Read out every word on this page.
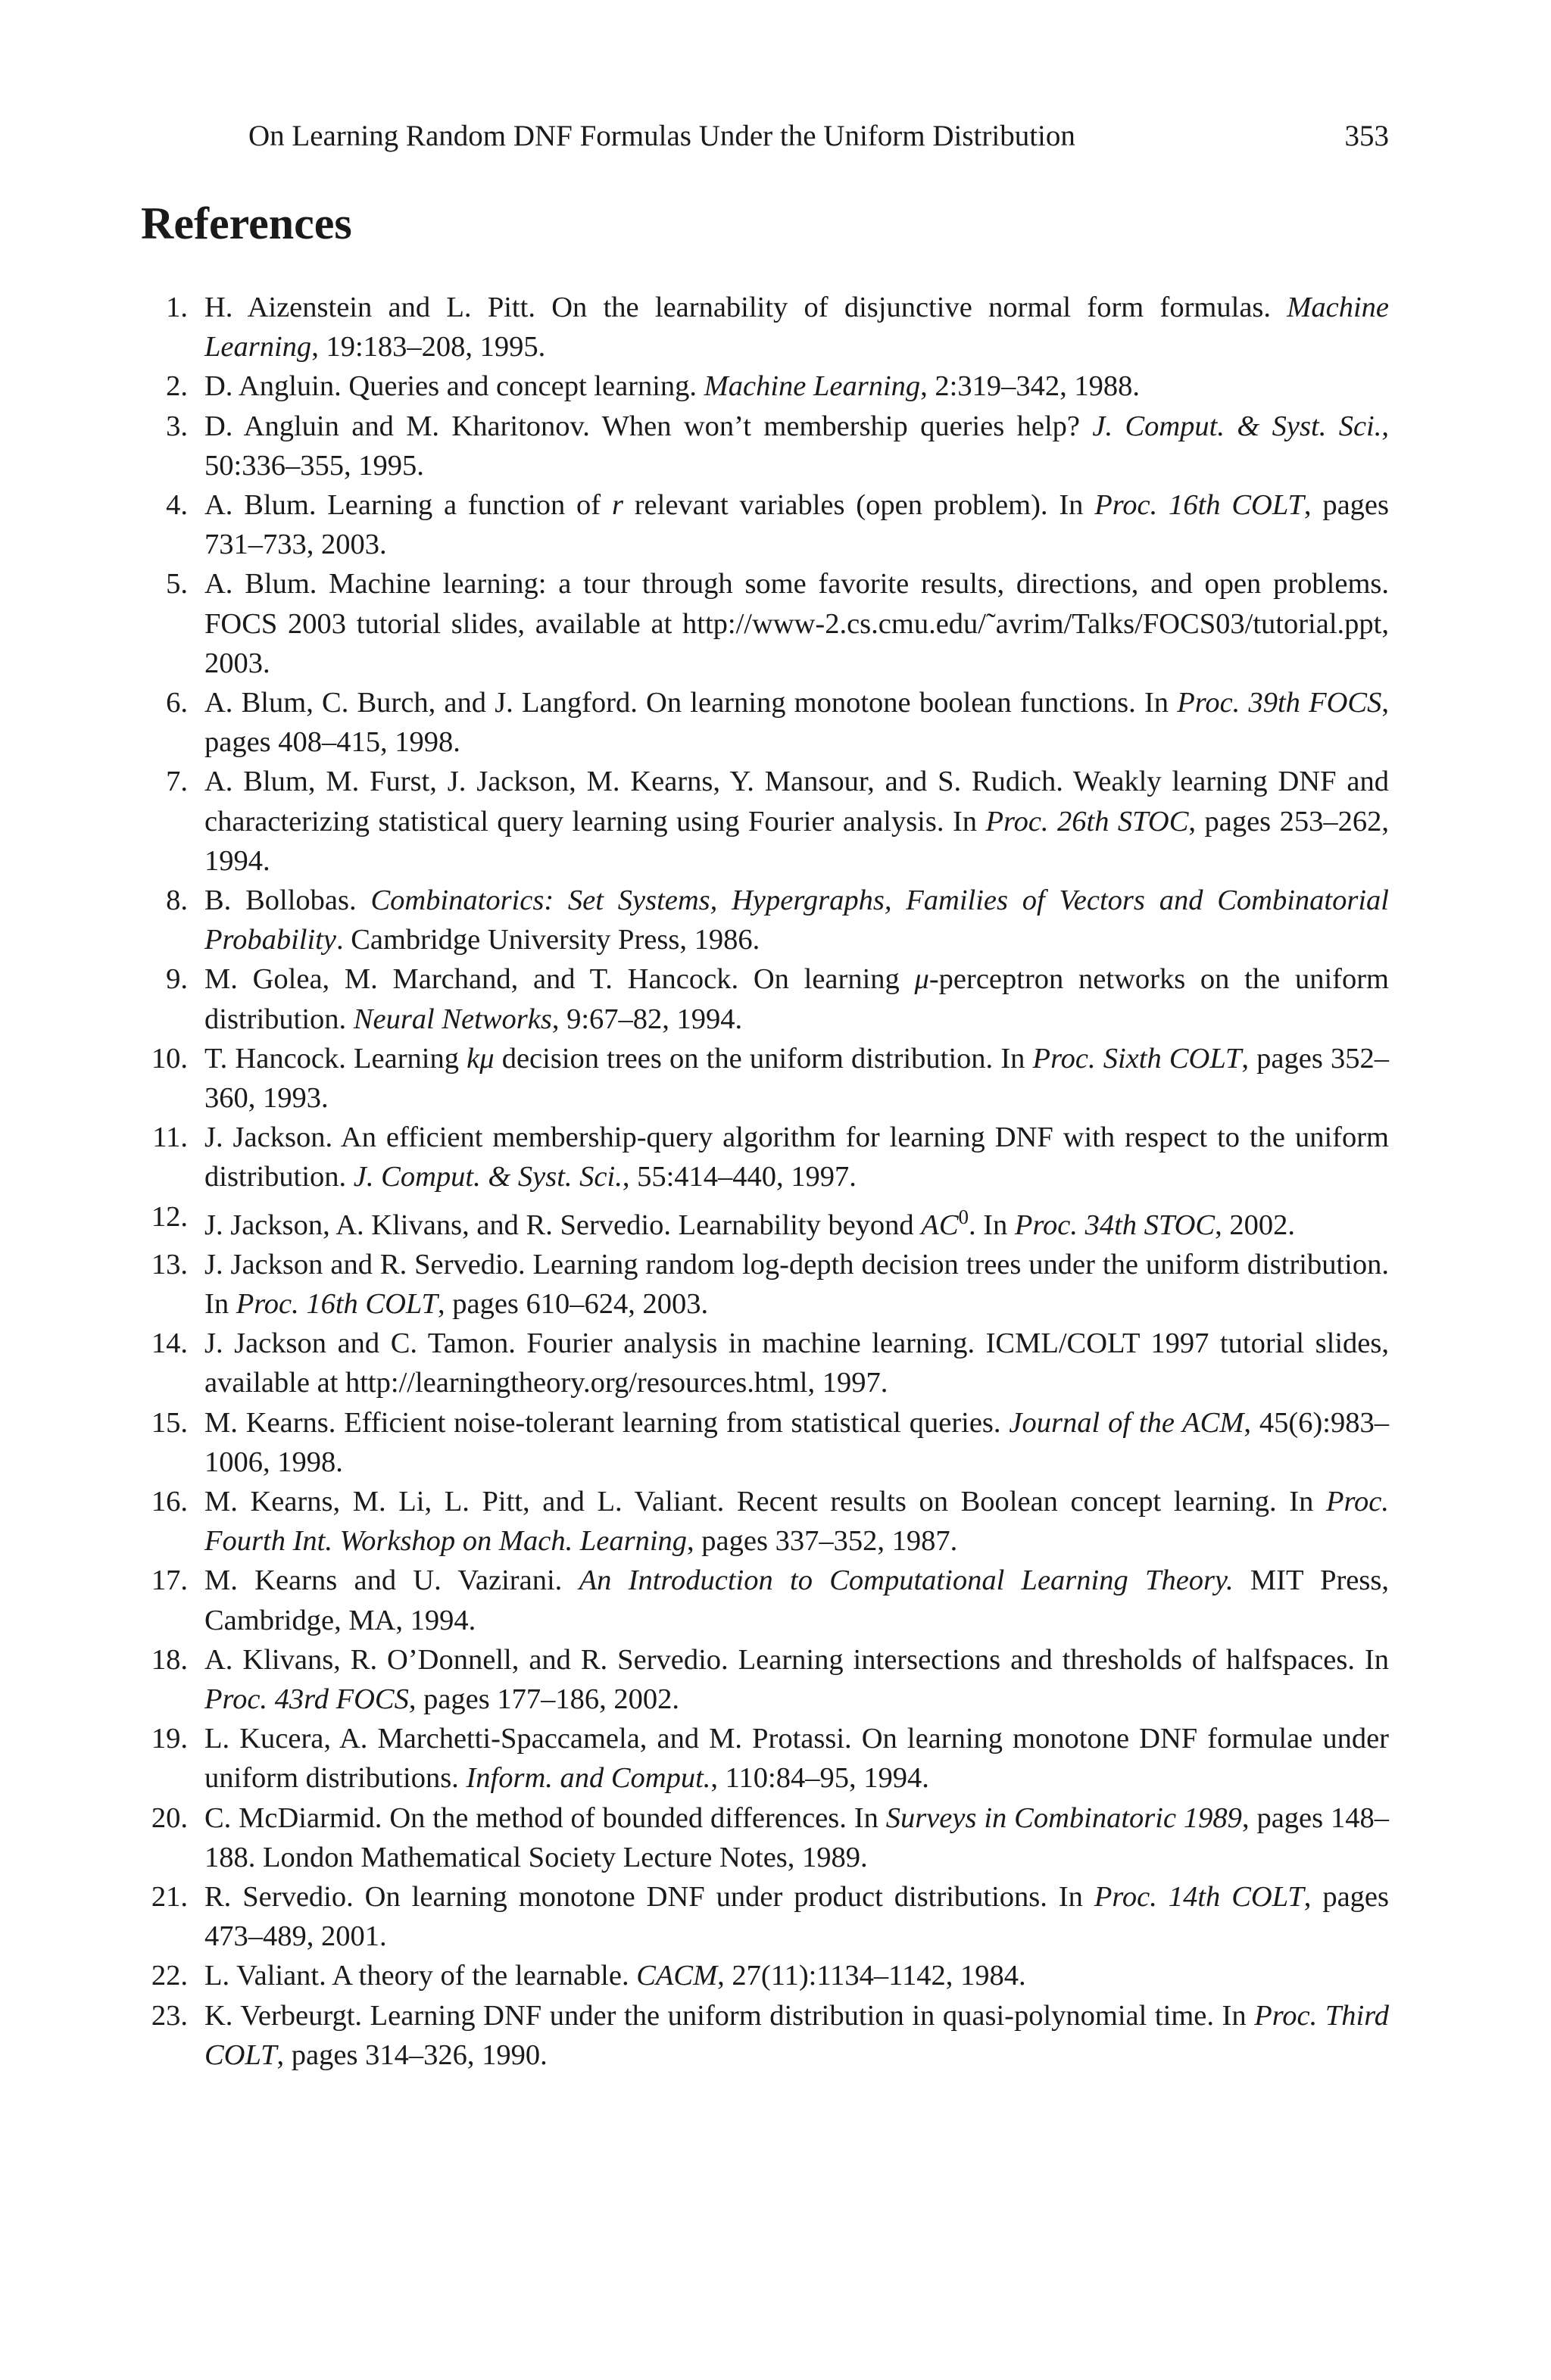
On Learning Random DNF Formulas Under the Uniform Distribution	353
References
1. H. Aizenstein and L. Pitt. On the learnability of disjunctive normal form formulas. Machine Learning, 19:183–208, 1995.
2. D. Angluin. Queries and concept learning. Machine Learning, 2:319–342, 1988.
3. D. Angluin and M. Kharitonov. When won’t membership queries help? J. Comput. & Syst. Sci., 50:336–355, 1995.
4. A. Blum. Learning a function of r relevant variables (open problem). In Proc. 16th COLT, pages 731–733, 2003.
5. A. Blum. Machine learning: a tour through some favorite results, directions, and open problems. FOCS 2003 tutorial slides, available at http://www-2.cs.cmu.edu/˜avrim/Talks/FOCS03/tutorial.ppt, 2003.
6. A. Blum, C. Burch, and J. Langford. On learning monotone boolean functions. In Proc. 39th FOCS, pages 408–415, 1998.
7. A. Blum, M. Furst, J. Jackson, M. Kearns, Y. Mansour, and S. Rudich. Weakly learning DNF and characterizing statistical query learning using Fourier analysis. In Proc. 26th STOC, pages 253–262, 1994.
8. B. Bollobas. Combinatorics: Set Systems, Hypergraphs, Families of Vectors and Combinatorial Probability. Cambridge University Press, 1986.
9. M. Golea, M. Marchand, and T. Hancock. On learning μ-perceptron networks on the uniform distribution. Neural Networks, 9:67–82, 1994.
10. T. Hancock. Learning kμ decision trees on the uniform distribution. In Proc. Sixth COLT, pages 352–360, 1993.
11. J. Jackson. An efficient membership-query algorithm for learning DNF with respect to the uniform distribution. J. Comput. & Syst. Sci., 55:414–440, 1997.
12. J. Jackson, A. Klivans, and R. Servedio. Learnability beyond $AC^0$. In Proc. 34th STOC, 2002.
13. J. Jackson and R. Servedio. Learning random log-depth decision trees under the uniform distribution. In Proc. 16th COLT, pages 610–624, 2003.
14. J. Jackson and C. Tamon. Fourier analysis in machine learning. ICML/COLT 1997 tutorial slides, available at http://learningtheory.org/resources.html, 1997.
15. M. Kearns. Efficient noise-tolerant learning from statistical queries. Journal of the ACM, 45(6):983–1006, 1998.
16. M. Kearns, M. Li, L. Pitt, and L. Valiant. Recent results on Boolean concept learning. In Proc. Fourth Int. Workshop on Mach. Learning, pages 337–352, 1987.
17. M. Kearns and U. Vazirani. An Introduction to Computational Learning Theory. MIT Press, Cambridge, MA, 1994.
18. A. Klivans, R. O’Donnell, and R. Servedio. Learning intersections and thresholds of halfspaces. In Proc. 43rd FOCS, pages 177–186, 2002.
19. L. Kucera, A. Marchetti-Spaccamela, and M. Protassi. On learning monotone DNF formulae under uniform distributions. Inform. and Comput., 110:84–95, 1994.
20. C. McDiarmid. On the method of bounded differences. In Surveys in Combinatoric 1989, pages 148–188. London Mathematical Society Lecture Notes, 1989.
21. R. Servedio. On learning monotone DNF under product distributions. In Proc. 14th COLT, pages 473–489, 2001.
22. L. Valiant. A theory of the learnable. CACM, 27(11):1134–1142, 1984.
23. K. Verbeurgt. Learning DNF under the uniform distribution in quasi-polynomial time. In Proc. Third COLT, pages 314–326, 1990.
